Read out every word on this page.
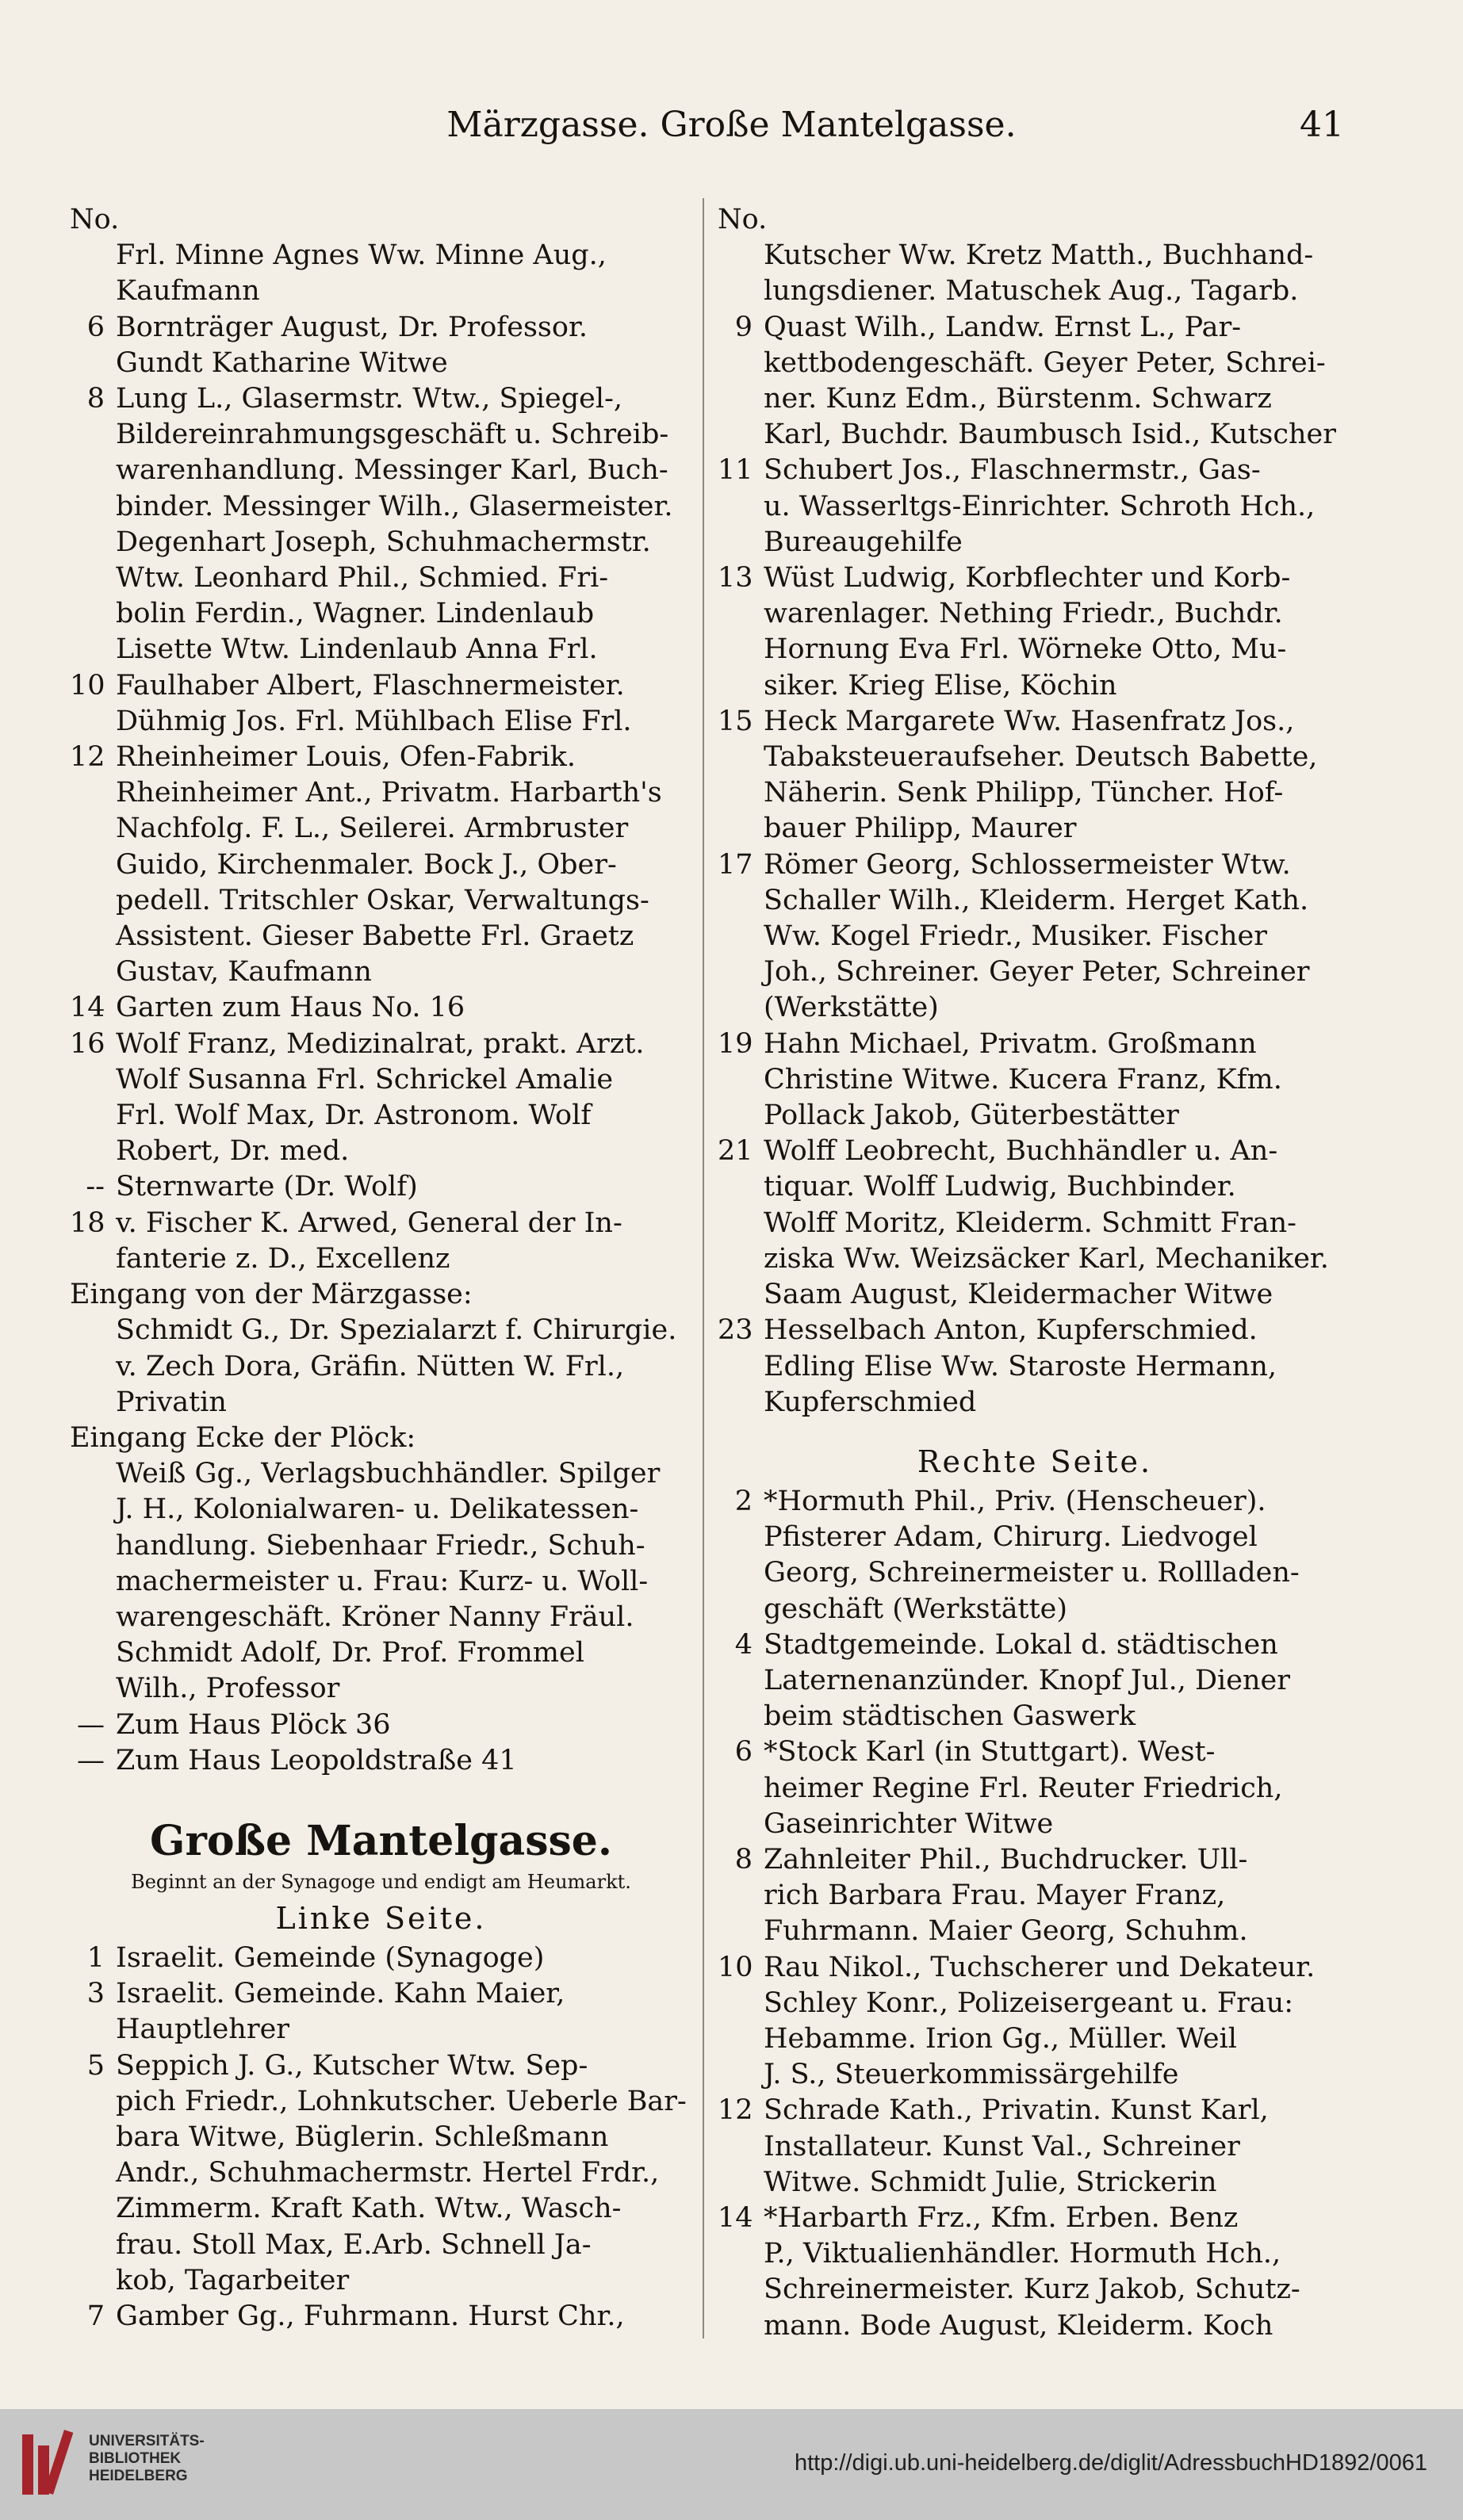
Märzgasse. Große Mantelgasse.	41
No.
Frl. Minne Agnes Ww. Minne Aug.,
Kaufmann
6 Bornträger August, Dr. Professor.
Gundt Katharine Witwe
8 Lung L., Glasermstr. Wtw., Spiegel-,
Bildereinrahmungsgeschäft u. Schreib-
warenhandlung. Messinger Karl, Buch-
binder. Messinger Wilh., Glasermeister.
Degenhart Joseph, Schuhmachermstr.
Wtw. Leonhard Phil., Schmied. Fri-
bolin Ferdin., Wagner. Lindenlaub
Lisette Wtw. Lindenlaub Anna Frl.
10 Faulhaber Albert, Flaschnermeister.
Dühmig Jos. Frl. Mühlbach Elise Frl.
12 Rheinheimer Louis, Ofen-Fabrik.
Rheinheimer Ant., Privatm. Harbarth's
Nachfolg. F. L., Seilerei. Armbruster
Guido, Kirchenmaler. Bock J., Ober-
pedell. Tritschler Oskar, Verwaltungs-
Assistent. Gieser Babette Frl. Graetz
Gustav, Kaufmann
14 Garten zum Haus No. 16
16 Wolf Franz, Medizinalrat, prakt. Arzt.
Wolf Susanna Frl. Schrickel Amalie
Frl. Wolf Max, Dr. Astronom. Wolf
Robert, Dr. med.
-- Sternwarte (Dr. Wolf)
18 v. Fischer K. Arwed, General der In-
fanterie z. D., Excellenz
Eingang von der Märzgasse:
Schmidt G., Dr. Spezialarzt f. Chirurgie.
v. Zech Dora, Gräfin. Nütten W. Frl.,
Privatin
Eingang Ecke der Plöck:
Weiß Gg., Verlagsbuchhändler. Spilger
J. H., Kolonialwaren- u. Delikatessen-
handlung. Siebenhaar Friedr., Schuh-
machermeister u. Frau: Kurz- u. Woll-
warengeschäft. Kröner Nanny Fräul.
Schmidt Adolf, Dr. Prof. Frommel
Wilh., Professor
— Zum Haus Plöck 36
— Zum Haus Leopoldstraße 41
Große Mantelgasse.
Beginnt an der Synagoge und endigt am Heumarkt.
Linke Seite.
1 Israelit. Gemeinde (Synagoge)
3 Israelit. Gemeinde. Kahn Maier,
Hauptlehrer
5 Seppich J. G., Kutscher Wtw. Sep-
pich Friedr., Lohnkutscher. Ueberle Bar-
bara Witwe, Büglerin. Schleßmann
Andr., Schuhmachermstr. Hertel Frdr.,
Zimmerm. Kraft Kath. Wtw., Wasch-
frau. Stoll Max, E.Arb. Schnell Ja-
kob, Tagarbeiter
7 Gamber Gg., Fuhrmann. Hurst Chr.,
No.
Kutscher Ww. Kretz Matth., Buchhand-
lungsdiener. Matuschek Aug., Tagarb.
9 Quast Wilh., Landw. Ernst L., Par-
kettbodengeschäft. Geyer Peter, Schrei-
ner. Kunz Edm., Bürstenm. Schwarz
Karl, Buchdr. Baumbusch Isid., Kutscher
11 Schubert Jos., Flaschnermstr., Gas-
u. Wasserltgs-Einrichter. Schroth Hch.,
Bureaugehilfe
13 Wüst Ludwig, Korbflechter und Korb-
warenlager. Nething Friedr., Buchdr.
Hornung Eva Frl. Wörneke Otto, Mu-
siker. Krieg Elise, Köchin
15 Heck Margarete Ww. Hasenfratz Jos.,
Tabaksteueraufseher. Deutsch Babette,
Näherin. Senk Philipp, Tüncher. Hof-
bauer Philipp, Maurer
17 Römer Georg, Schlossermeister Wtw.
Schaller Wilh., Kleiderm. Herget Kath.
Ww. Kogel Friedr., Musiker. Fischer
Joh., Schreiner. Geyer Peter, Schreiner
(Werkstätte)
19 Hahn Michael, Privatm. Großmann
Christine Witwe. Kucera Franz, Kfm.
Pollack Jakob, Güterbestätter
21 Wolff Leobrecht, Buchhändler u. An-
tiquar. Wolff Ludwig, Buchbinder.
Wolff Moritz, Kleiderm. Schmitt Fran-
ziska Ww. Weizsäcker Karl, Mechaniker.
Saam August, Kleidermacher Witwe
23 Hesselbach Anton, Kupferschmied.
Edling Elise Ww. Staroste Hermann,
Kupferschmied
Rechte Seite.
2 *Hormuth Phil., Priv. (Henscheuer).
Pfisterer Adam, Chirurg. Liedvogel
Georg, Schreinermeister u. Rollladen-
geschäft (Werkstätte)
4 Stadtgemeinde. Lokal d. städtischen
Laternenanzünder. Knopf Jul., Diener
beim städtischen Gaswerk
6 *Stock Karl (in Stuttgart). West-
heimer Regine Frl. Reuter Friedrich,
Gaseinrichter Witwe
8 Zahnleiter Phil., Buchdrucker. Ull-
rich Barbara Frau. Mayer Franz,
Fuhrmann. Maier Georg, Schuhm.
10 Rau Nikol., Tuchscherer und Dekateur.
Schley Konr., Polizeisergeant u. Frau:
Hebamme. Irion Gg., Müller. Weil
J. S., Steuerkommissärgehilfe
12 Schrade Kath., Privatin. Kunst Karl,
Installateur. Kunst Val., Schreiner
Witwe. Schmidt Julie, Strickerin
14 *Harbarth Frz., Kfm. Erben. Benz
P., Viktualienhändler. Hormuth Hch.,
Schreinermeister. Kurz Jakob, Schutz-
mann. Bode August, Kleiderm. Koch
UNIVERSITÄTS-
BIBLIOTHEK
HEIDELBERG
http://digi.ub.uni-heidelberg.de/diglit/AdressbuchHD1892/0061
